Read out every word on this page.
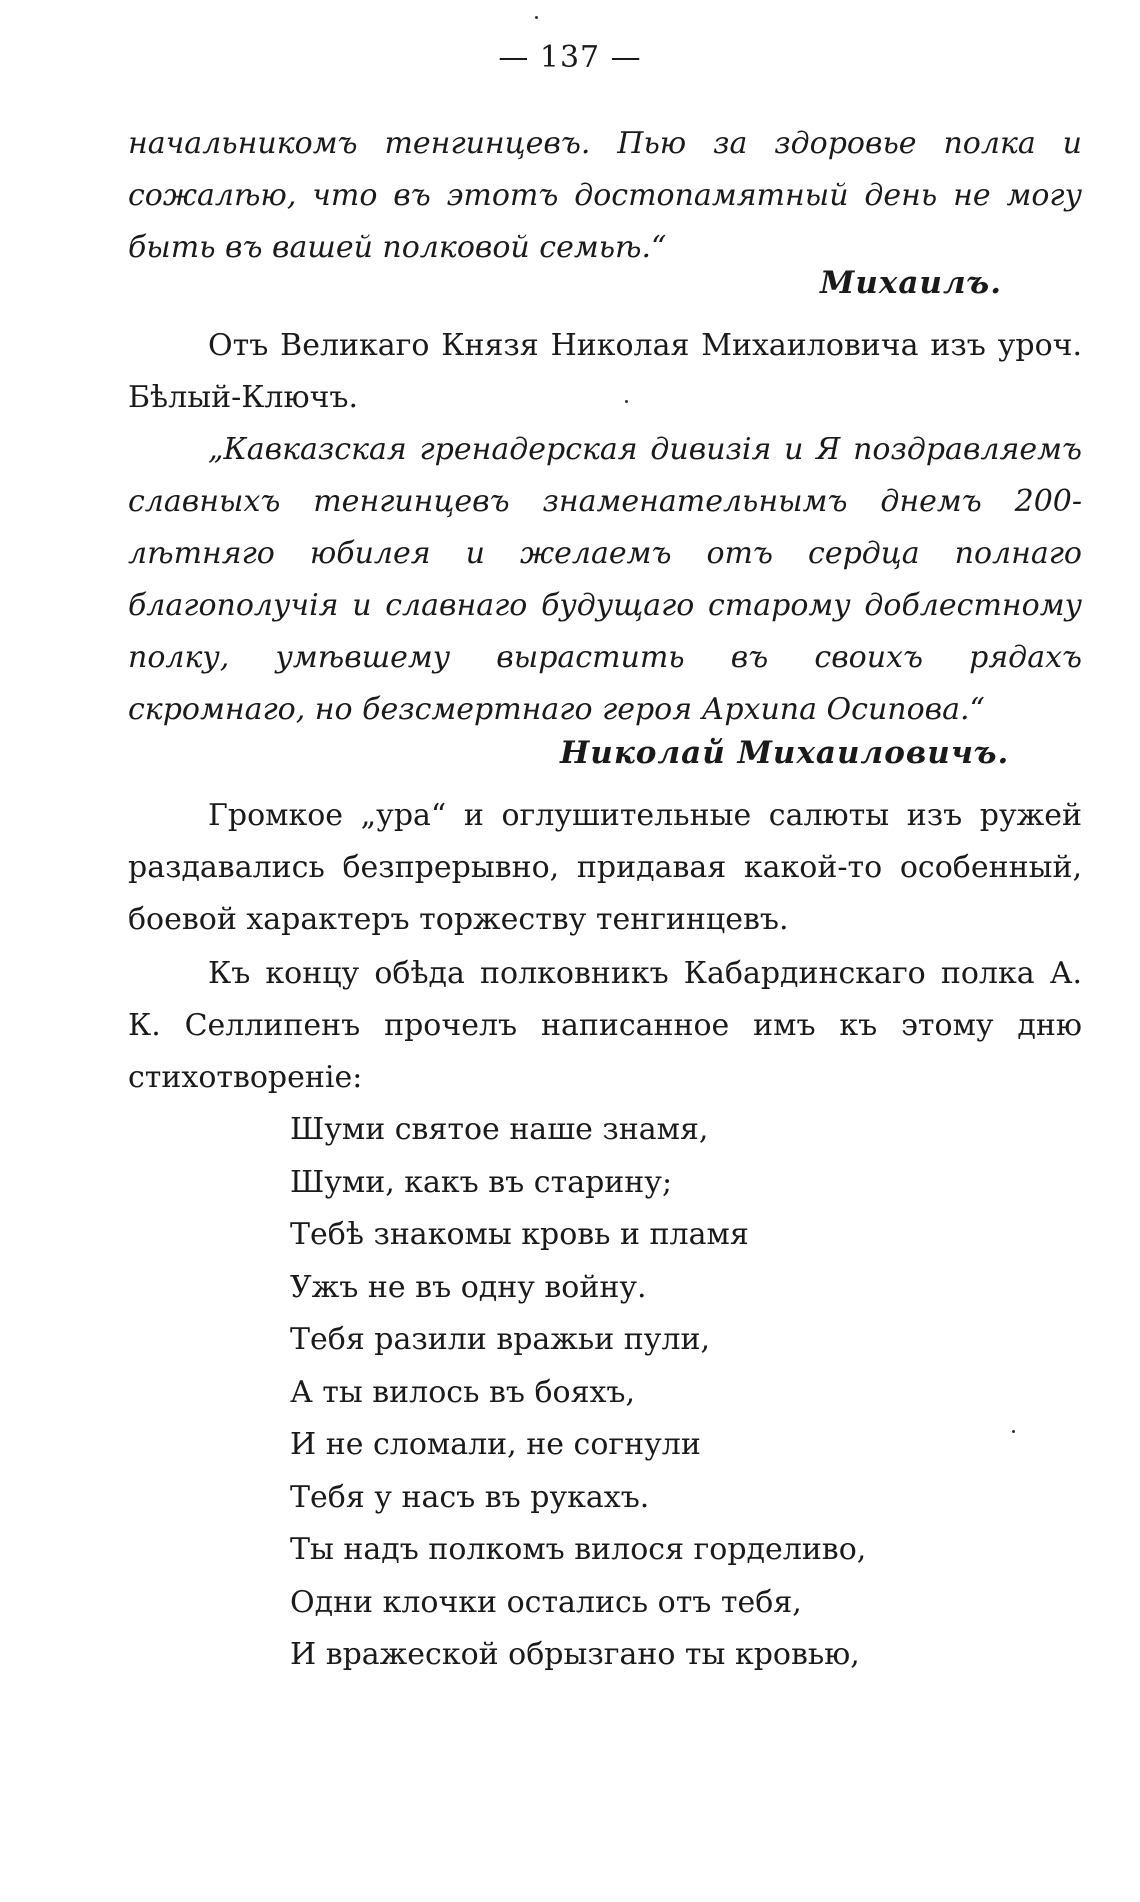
— 137 —
начальникомъ тенгинцевъ. Пью за здоровье полка и сожалѣю, что въ этотъ достопамятный день не могу быть въ вашей полковой семьѣ.“
Михаилъ.
Отъ Великаго Князя Николая Михаиловича изъ уроч. Бѣлый-Ключъ.
„Кавказская гренадерская дивизія и Я поздравляемъ славныхъ тенгинцевъ знаменательнымъ днемъ 200-лѣтняго юбилея и желаемъ отъ сердца полнаго благополучія и славнаго будущаго старому доблестному полку, умѣвшему вырастить въ своихъ рядахъ скромнаго, но безсмертнаго героя Архипа Осипова.“
Николай Михаиловичъ.
Громкое „ура“ и оглушительные салюты изъ ружей раздавались безпрерывно, придавая какой-то особенный, боевой характеръ торжеству тенгинцевъ.
Къ концу обѣда полковникъ Кабардинскаго полка А. К. Селлипенъ прочелъ написанное имъ къ этому дню стихотвореніе:
Шуми святое наше знамя,
Шуми, какъ въ старину;
Тебѣ знакомы кровь и пламя
Ужъ не въ одну войну.
Тебя разили вражьи пули,
А ты вилось въ бояхъ,
И не сломали, не согнули
Тебя у насъ въ рукахъ.
Ты надъ полкомъ вилося горделиво,
Одни клочки остались отъ тебя,
И вражеской обрызгано ты кровью,
